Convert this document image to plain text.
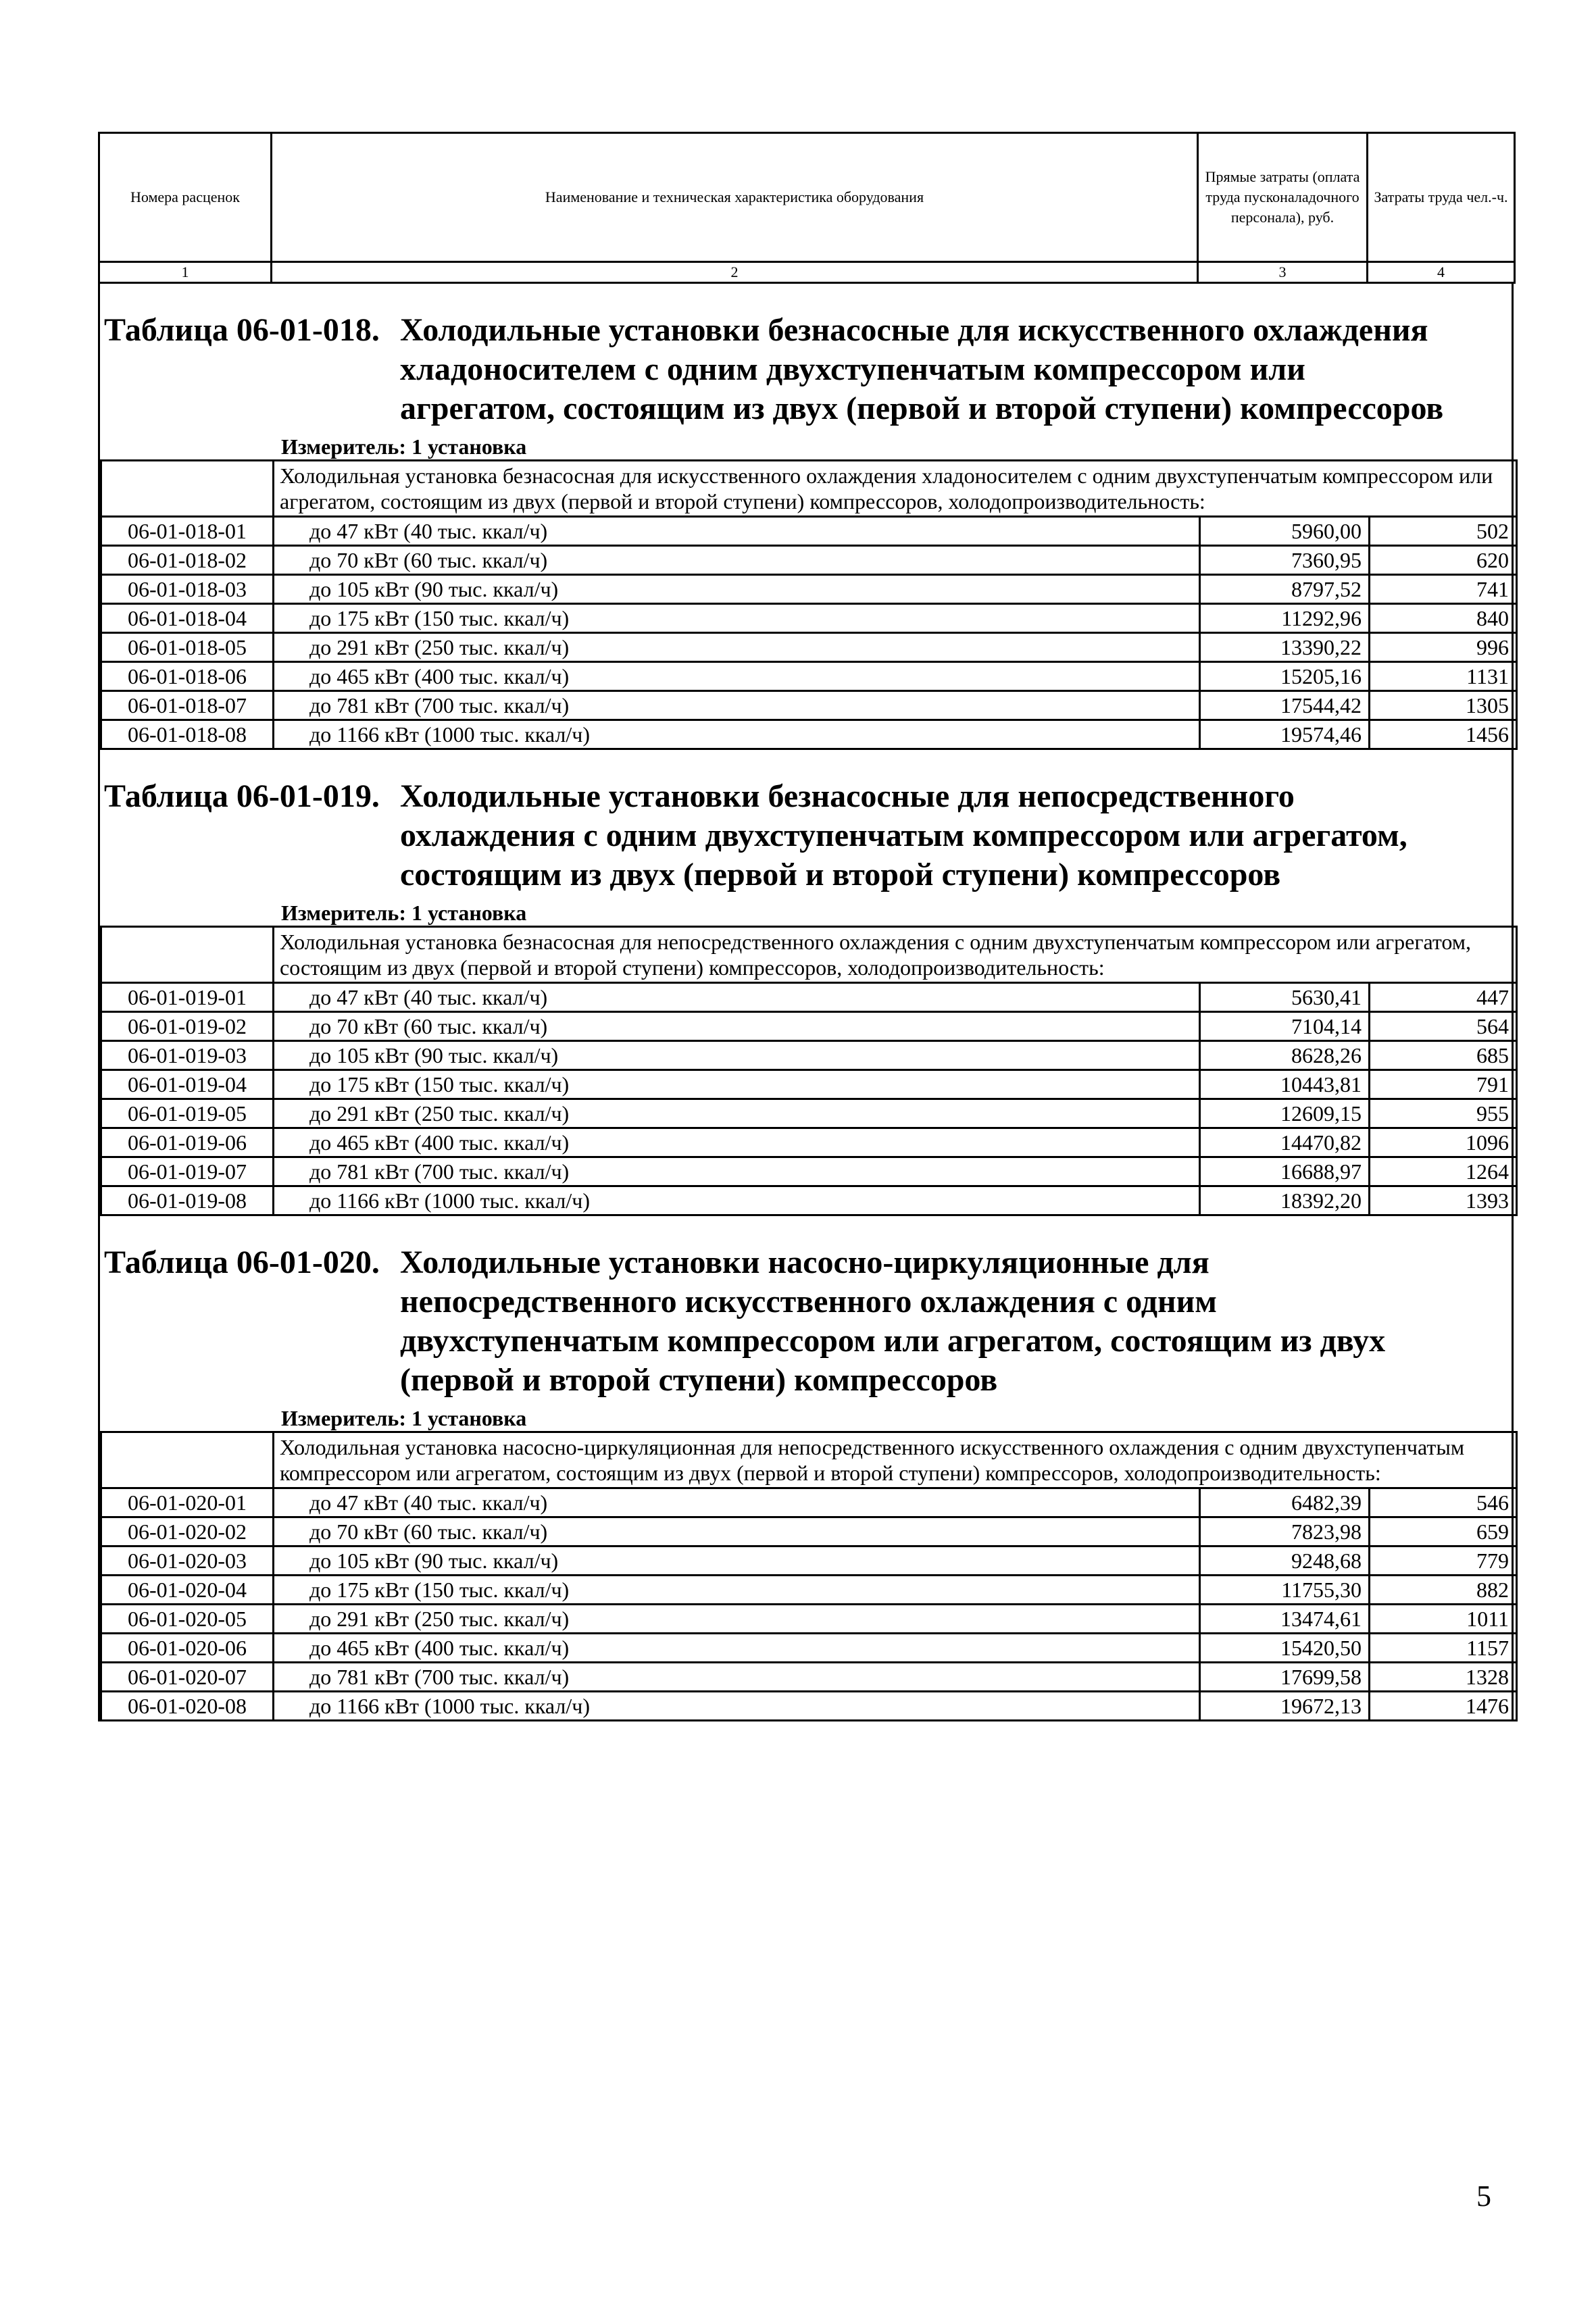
Номера расценок	Наименование и техническая характеристика оборудования	Прямые затраты (оплата труда пусконаладочного персонала), руб.	Затраты труда чел.-ч.
1	2	3	4
Таблица 06-01-018. Холодильные установки безнасосные для искусственного охлаждения
хладоносителем с одним двухступенчатым компрессором или
агрегатом, состоящим из двух (первой и второй ступени) компрессоров
Измеритель: 1 установка
	Холодильная установка безнасосная для искусственного охлаждения хладоносителем с одним двухступенчатым компрессором или агрегатом, состоящим из двух (первой и второй ступени) компрессоров, холодопроизводительность:		
06-01-018-01	до 47 кВт (40 тыс. ккал/ч)	5960,00	502
06-01-018-02	до 70 кВт (60 тыс. ккал/ч)	7360,95	620
06-01-018-03	до 105 кВт (90 тыс. ккал/ч)	8797,52	741
06-01-018-04	до 175 кВт (150 тыс. ккал/ч)	11292,96	840
06-01-018-05	до 291 кВт (250 тыс. ккал/ч)	13390,22	996
06-01-018-06	до 465 кВт (400 тыс. ккал/ч)	15205,16	1131
06-01-018-07	до 781 кВт (700 тыс. ккал/ч)	17544,42	1305
06-01-018-08	до 1166 кВт (1000 тыс. ккал/ч)	19574,46	1456
Таблица 06-01-019. Холодильные установки безнасосные для непосредственного
охлаждения с одним двухступенчатым компрессором или агрегатом,
состоящим из двух (первой и второй ступени) компрессоров
Измеритель: 1 установка
	Холодильная установка безнасосная для непосредственного охлаждения с одним двухступенчатым компрессором или агрегатом, состоящим из двух (первой и второй ступени) компрессоров, холодопроизводительность:		
06-01-019-01	до 47 кВт (40 тыс. ккал/ч)	5630,41	447
06-01-019-02	до 70 кВт (60 тыс. ккал/ч)	7104,14	564
06-01-019-03	до 105 кВт (90 тыс. ккал/ч)	8628,26	685
06-01-019-04	до 175 кВт (150 тыс. ккал/ч)	10443,81	791
06-01-019-05	до 291 кВт (250 тыс. ккал/ч)	12609,15	955
06-01-019-06	до 465 кВт (400 тыс. ккал/ч)	14470,82	1096
06-01-019-07	до 781 кВт (700 тыс. ккал/ч)	16688,97	1264
06-01-019-08	до 1166 кВт (1000 тыс. ккал/ч)	18392,20	1393
Таблица 06-01-020. Холодильные установки насосно-циркуляционные для
непосредственного искусственного охлаждения с одним
двухступенчатым компрессором или агрегатом, состоящим из двух
(первой и второй ступени) компрессоров
Измеритель: 1 установка
	Холодильная установка насосно-циркуляционная для непосредственного искусственного охлаждения с одним двухступенчатым компрессором или агрегатом, состоящим из двух (первой и второй ступени) компрессоров, холодопроизводительность:		
06-01-020-01	до 47 кВт (40 тыс. ккал/ч)	6482,39	546
06-01-020-02	до 70 кВт (60 тыс. ккал/ч)	7823,98	659
06-01-020-03	до 105 кВт (90 тыс. ккал/ч)	9248,68	779
06-01-020-04	до 175 кВт (150 тыс. ккал/ч)	11755,30	882
06-01-020-05	до 291 кВт (250 тыс. ккал/ч)	13474,61	1011
06-01-020-06	до 465 кВт (400 тыс. ккал/ч)	15420,50	1157
06-01-020-07	до 781 кВт (700 тыс. ккал/ч)	17699,58	1328
06-01-020-08	до 1166 кВт (1000 тыс. ккал/ч)	19672,13	1476
5
